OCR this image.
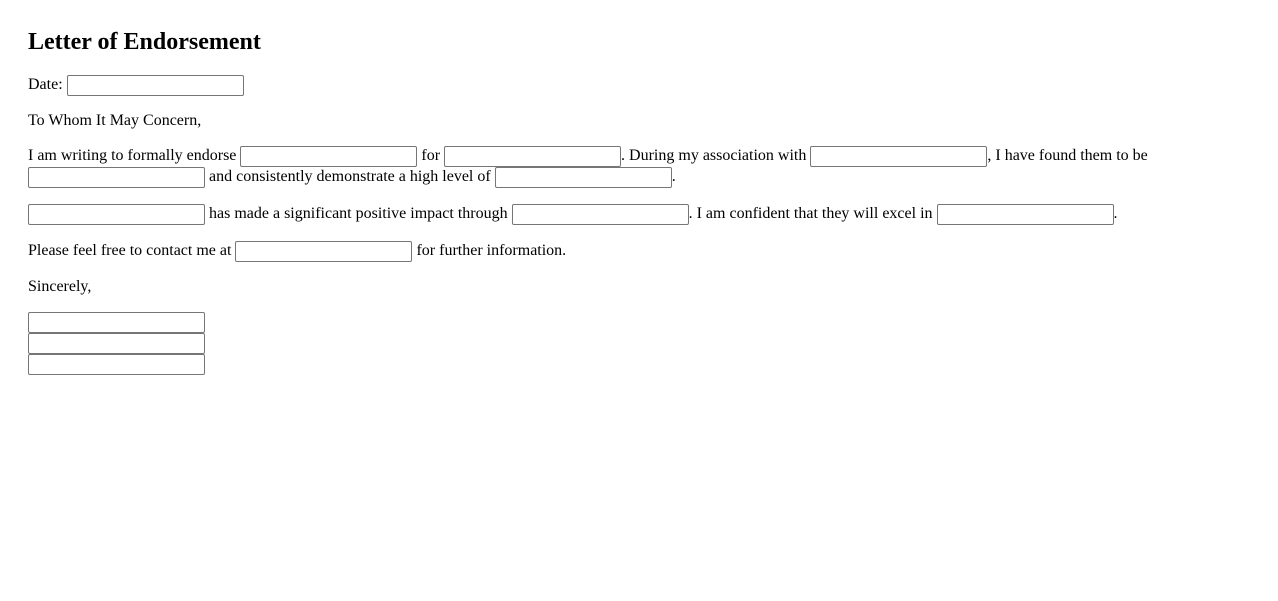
Letter of Endorsement
Date:
To Whom It May Concern,
I am writing to formally endorse	for	. During my association with	, I have found them to be
and consistently demonstrate a high level of	.
has made a significant positive impact through	. I am confident that they will excel in	.
Please feel free to contact me at	for further information.
Sincerely,
